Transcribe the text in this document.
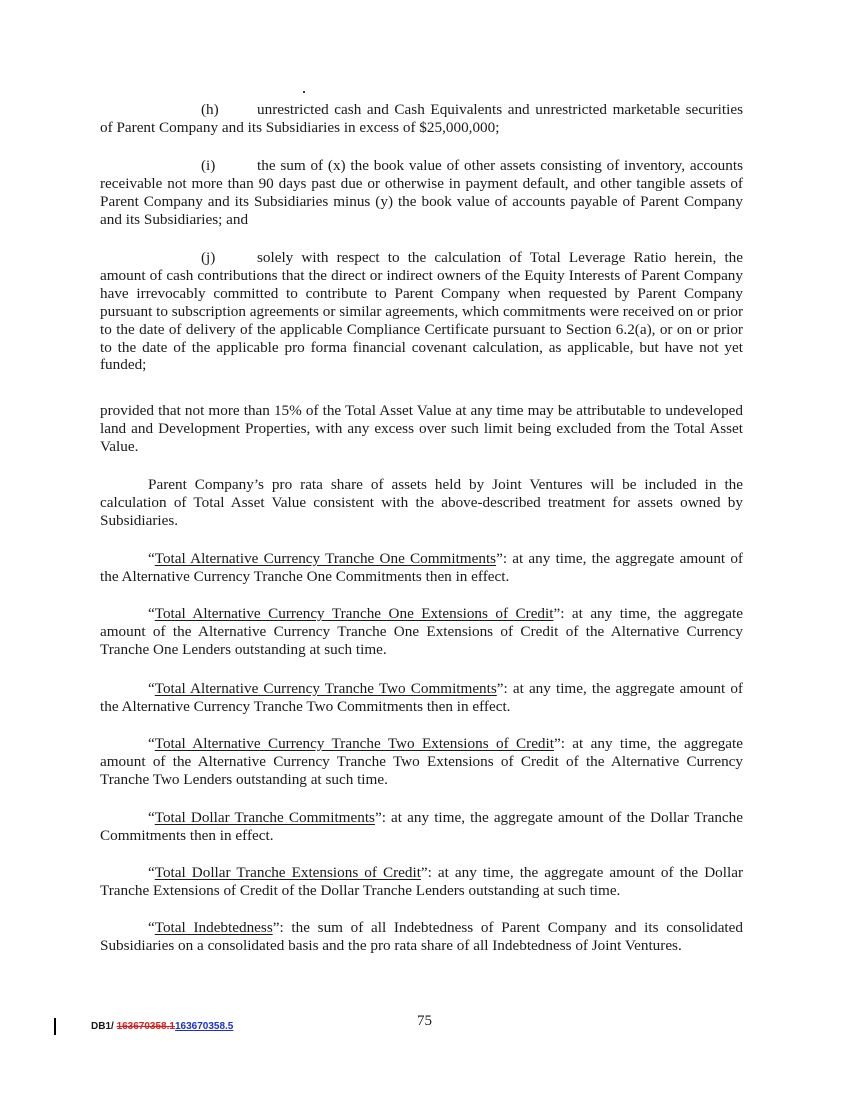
(h)	unrestricted cash and Cash Equivalents and unrestricted marketable securities of Parent Company and its Subsidiaries in excess of $25,000,000;

(i)	the sum of (x) the book value of other assets consisting of inventory, accounts receivable not more than 90 days past due or otherwise in payment default, and other tangible assets of Parent Company and its Subsidiaries minus (y) the book value of accounts payable of Parent Company and its Subsidiaries; and

(j)	solely with respect to the calculation of Total Leverage Ratio herein, the amount of cash contributions that the direct or indirect owners of the Equity Interests of Parent Company have irrevocably committed to contribute to Parent Company when requested by Parent Company pursuant to subscription agreements or similar agreements, which commitments were received on or prior to the date of delivery of the applicable Compliance Certificate pursuant to Section 6.2(a), or on or prior to the date of the applicable pro forma financial covenant calculation, as applicable, but have not yet funded;

provided that not more than 15% of the Total Asset Value at any time may be attributable to undeveloped land and Development Properties, with any excess over such limit being excluded from the Total Asset Value.

Parent Company’s pro rata share of assets held by Joint Ventures will be included in the calculation of Total Asset Value consistent with the above-described treatment for assets owned by Subsidiaries.

“Total Alternative Currency Tranche One Commitments”: at any time, the aggregate amount of the Alternative Currency Tranche One Commitments then in effect.

“Total Alternative Currency Tranche One Extensions of Credit”: at any time, the aggregate amount of the Alternative Currency Tranche One Extensions of Credit of the Alternative Currency Tranche One Lenders outstanding at such time.

“Total Alternative Currency Tranche Two Commitments”: at any time, the aggregate amount of the Alternative Currency Tranche Two Commitments then in effect.

“Total Alternative Currency Tranche Two Extensions of Credit”: at any time, the aggregate amount of the Alternative Currency Tranche Two Extensions of Credit of the Alternative Currency Tranche Two Lenders outstanding at such time.

“Total Dollar Tranche Commitments”: at any time, the aggregate amount of the Dollar Tranche Commitments then in effect.

“Total Dollar Tranche Extensions of Credit”: at any time, the aggregate amount of the Dollar Tranche Extensions of Credit of the Dollar Tranche Lenders outstanding at such time.

“Total Indebtedness”: the sum of all Indebtedness of Parent Company and its consolidated Subsidiaries on a consolidated basis and the pro rata share of all Indebtedness of Joint Ventures.

75
DB1/ 163670358.1 163670358.5
